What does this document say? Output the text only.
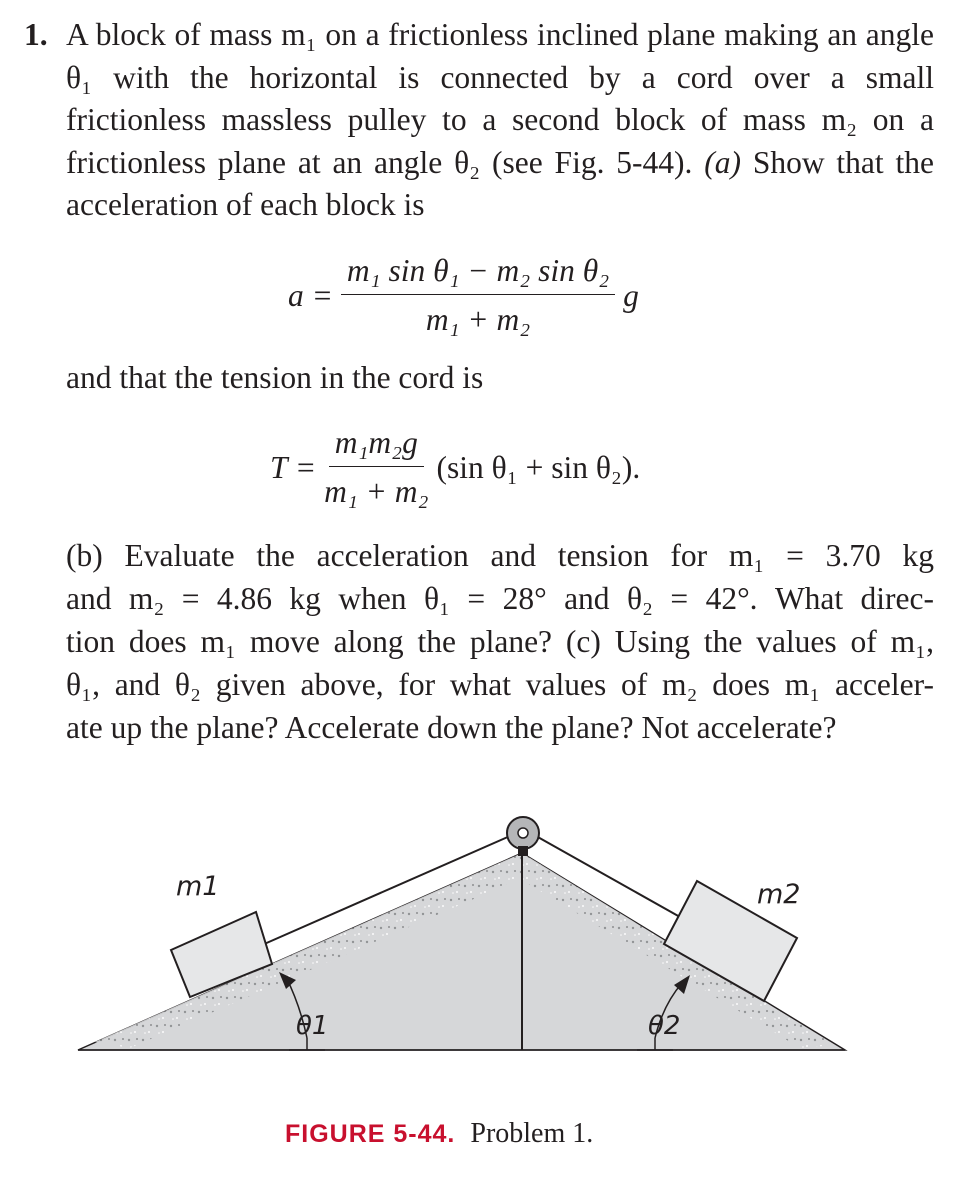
1. A block of mass m₁ on a frictionless inclined plane making an angle θ₁ with the horizontal is connected by a cord over a small frictionless massless pulley to a second block of mass m₂ on a frictionless plane at an angle θ₂ (see Fig. 5-44). (a) Show that the acceleration of each block is

$a = \frac{\text{m₁ sin θ₁ − m₂ sin θ₂}}{\text{m₁ + m₂}}$ g
and that the tension in the cord is
$T = \frac{\text{m₁m₂g}}{\text{m₁ + m₂}} (\sin$ θ₁ + sin θ₂).
(b) Evaluate the acceleration and tension for m₁ = 3.70 kg
and m₂ = 4.86 kg when θ₁ = 28° and θ₂ = 42°. What direc-
tion does m₁ move along the plane? (c) Using the values of m₁,
θ₁, and θ₂ given above, for what values of m₂ does m₁ acceler-
ate up the plane? Accelerate down the plane? Not accelerate?
m1	m2
θ1	θ2
FIGURE 5-44. Problem 1.
